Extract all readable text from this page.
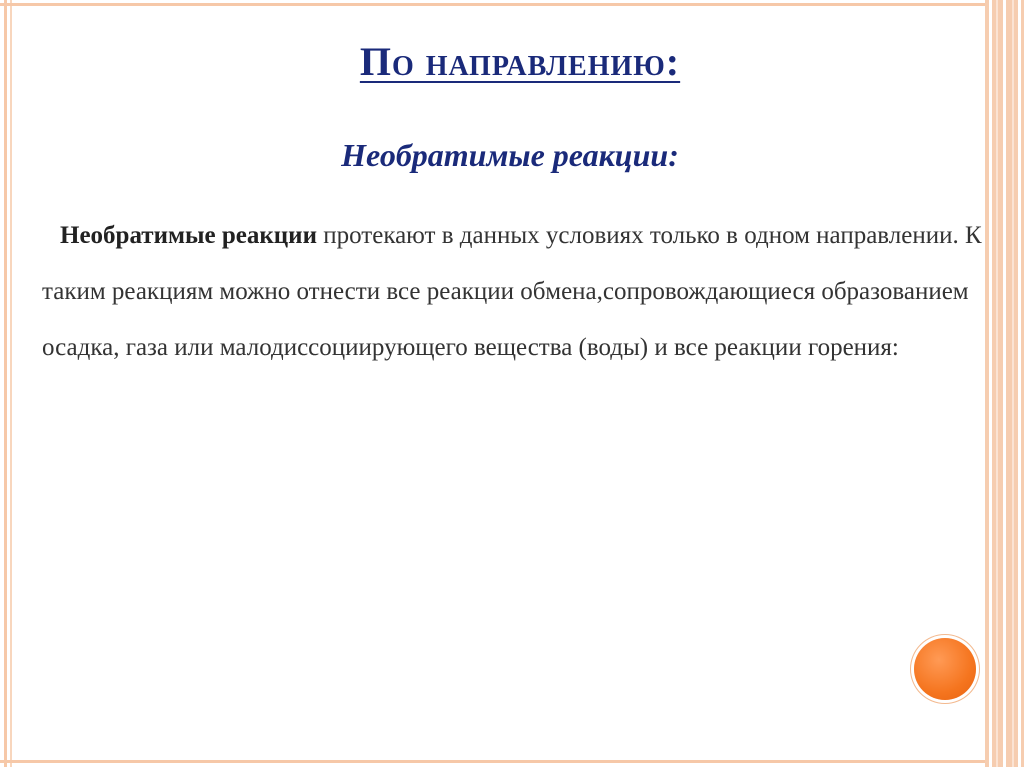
По направлению:
Необратимые реакции:
Необратимые реакции протекают в данных условиях только в одном направлении. К таким реакциям можно отнести все реакции обмена,сопровождающиеся образованием осадка, газа или малодиссоциирующего вещества (воды) и все реакции горения:
